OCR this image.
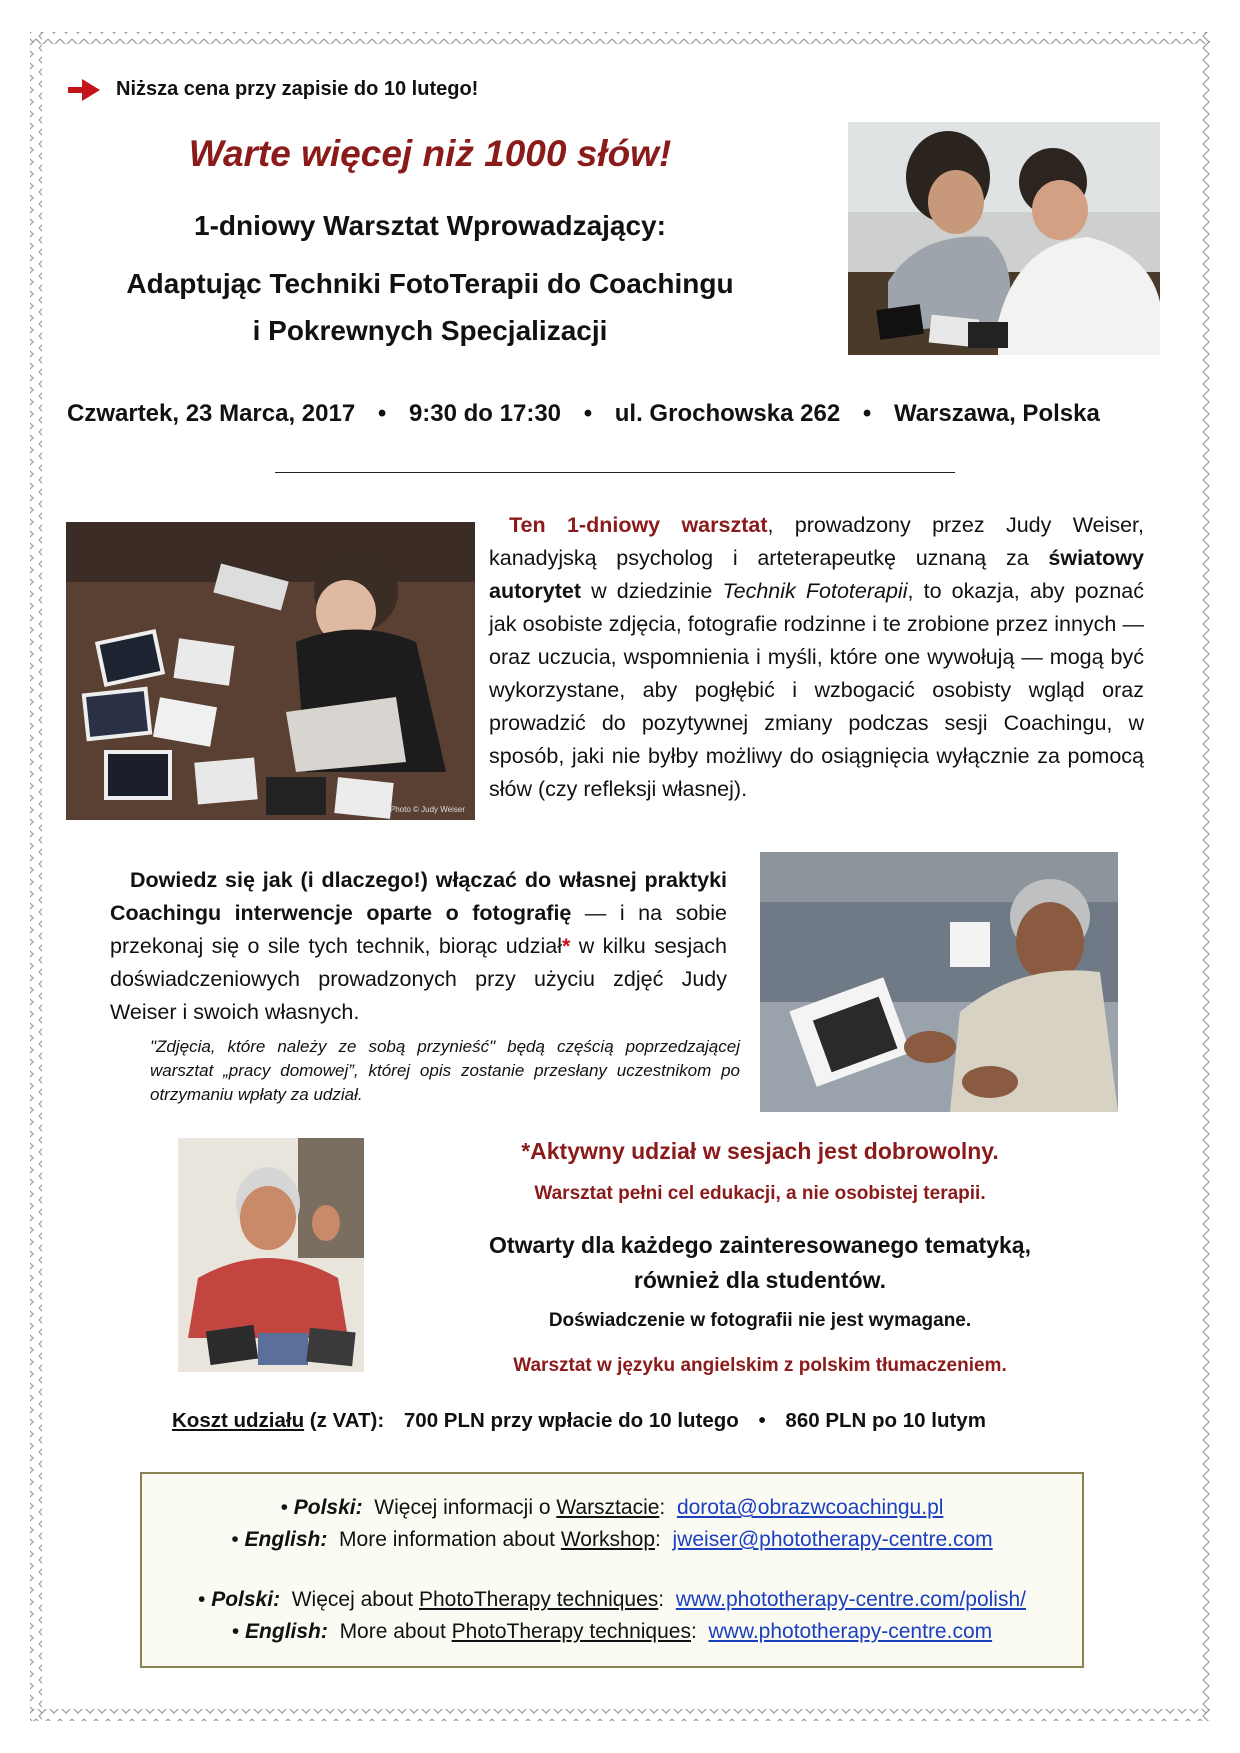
Niższa cena przy zapisie do 10 lutego!
Warte więcej niż 1000 słów!
1-dniowy Warsztat Wprowadzający:
Adaptując Techniki FotoTerapii do Coachingu
i Pokrewnych Specjalizacji
Czwartek, 23 Marca, 2017 • 9:30 do 17:30 • ul. Grochowska 262 • Warszawa, Polska
Photo © Judy Weiser
Ten 1-dniowy warsztat, prowadzony przez Judy Weiser, kanadyjską psycholog i arteterapeutkę uznaną za światowy autorytet w dziedzinie Technik Fototerapii, to okazja, aby poznać jak osobiste zdjęcia, fotografie rodzinne i te zrobione przez innych — oraz uczucia, wspomnienia i myśli, które one wywołują — mogą być wykorzystane, aby pogłębić i wzbogacić osobisty wgląd oraz prowadzić do pozytywnej zmiany podczas sesji Coachingu, w sposób, jaki nie byłby możliwy do osiągnięcia wyłącznie za pomocą słów (czy refleksji własnej).
Dowiedz się jak (i dlaczego!) włączać do własnej praktyki Coachingu interwencje oparte o fotografię — i na sobie przekonaj się o sile tych technik, biorąc udział* w kilku sesjach doświadczeniowych prowadzonych przy użyciu zdjęć Judy Weiser i swoich własnych.
"Zdjęcia, które należy ze sobą przynieść" będą częścią poprzedzającej warsztat „pracy domowej”, której opis zostanie przesłany uczestnikom po otrzymaniu wpłaty za udział.
*Aktywny udział w sesjach jest dobrowolny.
Warsztat pełni cel edukacji, a nie osobistej terapii.
Otwarty dla każdego zainteresowanego tematyką,
również dla studentów.
Doświadczenie w fotografii nie jest wymagane.
Warsztat w języku angielskim z polskim tłumaczeniem.
Koszt udziału (z VAT): 700 PLN przy wpłacie do 10 lutego • 860 PLN po 10 lutym
• Polski: Więcej informacji o Warsztacie: dorota@obrazwcoachingu.pl
• English: More information about Workshop: jweiser@phototherapy-centre.com
• Polski: Więcej about PhotoTherapy techniques: www.phototherapy-centre.com/polish/
• English: More about PhotoTherapy techniques: www.phototherapy-centre.com
